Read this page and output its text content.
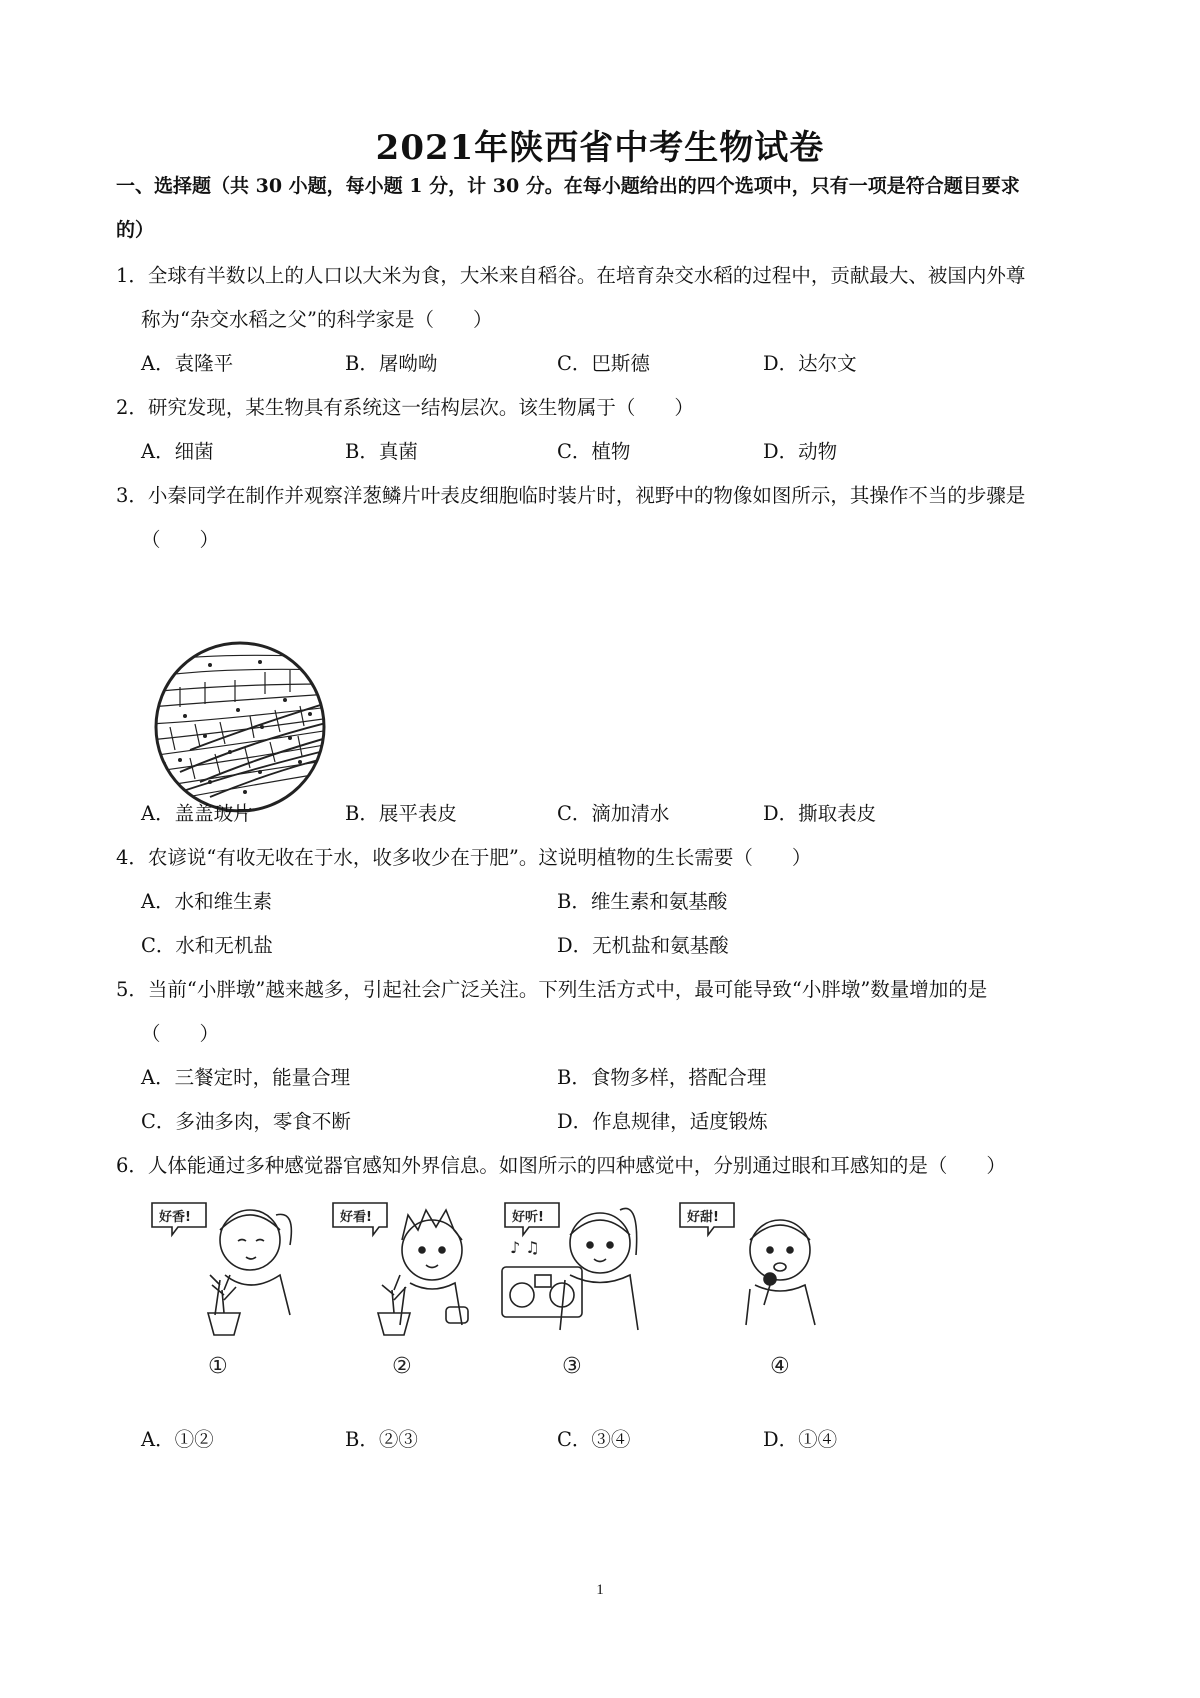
2021年陕西省中考生物试卷
一、选择题（共 30 小题，每小题 1 分，计 30 分。在每小题给出的四个选项中，只有一项是符合题目要求
的）
1．全球有半数以上的人口以大米为食，大米来自稻谷。在培育杂交水稻的过程中，贡献最大、被国内外尊
称为“杂交水稻之父”的科学家是（　　）
A．袁隆平	B．屠呦呦	C．巴斯德	D．达尔文
2．研究发现，某生物具有系统这一结构层次。该生物属于（　　）
A．细菌	B．真菌	C．植物	D．动物
3．小秦同学在制作并观察洋葱鳞片叶表皮细胞临时装片时，视野中的物像如图所示，其操作不当的步骤是
（　　）
A．盖盖玻片	B．展平表皮	C．滴加清水	D．撕取表皮
4．农谚说“有收无收在于水，收多收少在于肥”。这说明植物的生长需要（　　）
A．水和维生素	B．维生素和氨基酸
C．水和无机盐	D．无机盐和氨基酸
5．当前“小胖墩”越来越多，引起社会广泛关注。下列生活方式中，最可能导致“小胖墩”数量增加的是
（　　）
A．三餐定时，能量合理	B．食物多样，搭配合理
C．多油多肉，零食不断	D．作息规律，适度锻炼
6．人体能通过多种感觉器官感知外界信息。如图所示的四种感觉中，分别通过眼和耳感知的是（　　）
好香!	好看!	好听!
♪ ♫
好甜!
①	②	③	④
A．①②	B．②③	C．③④	D．①④
1
